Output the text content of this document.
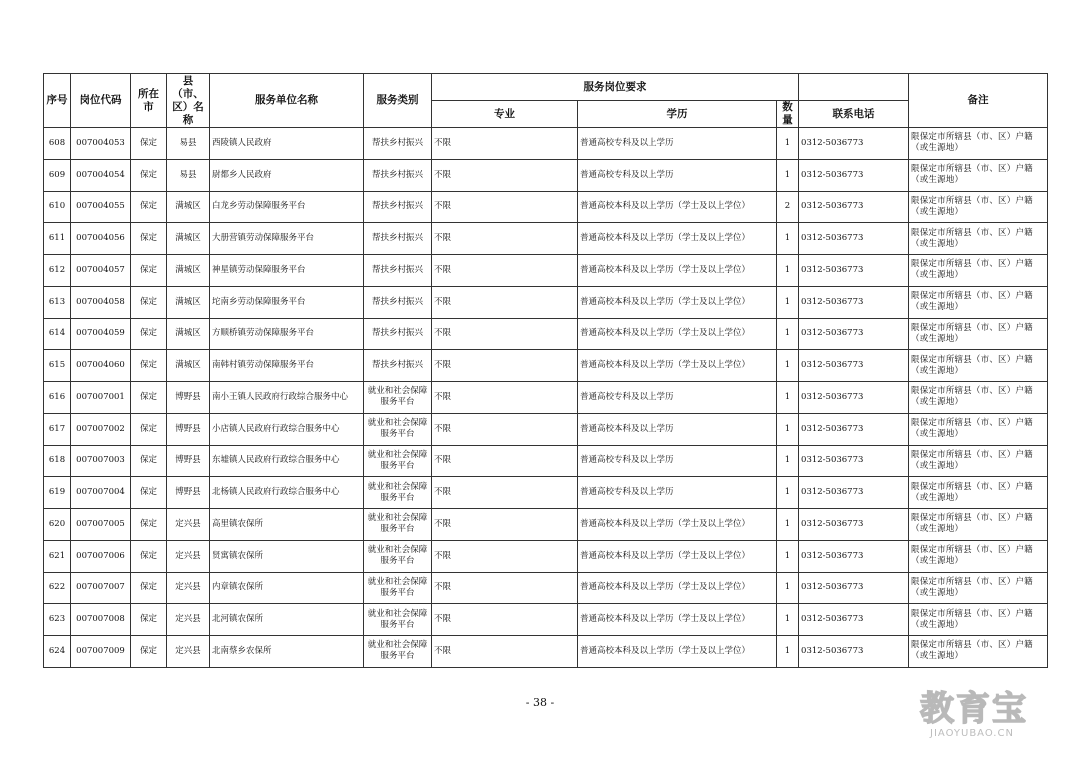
序号	岗位代码	所在市	县（市、区）名称	服务单位名称	服务类别	服务岗位要求				备注
						专业	学历	数量	联系电话	
608	007004053	保定	易县	西陵镇人民政府	帮扶乡村振兴	不限	普通高校专科及以上学历	1	0312-5036773	限保定市所辖县（市、区）户籍（或生源地）
609	007004054	保定	易县	尉都乡人民政府	帮扶乡村振兴	不限	普通高校专科及以上学历	1	0312-5036773	限保定市所辖县（市、区）户籍（或生源地）
610	007004055	保定	满城区	白龙乡劳动保障服务平台	帮扶乡村振兴	不限	普通高校本科及以上学历（学士及以上学位）	2	0312-5036773	限保定市所辖县（市、区）户籍（或生源地）
611	007004056	保定	满城区	大册营镇劳动保障服务平台	帮扶乡村振兴	不限	普通高校本科及以上学历（学士及以上学位）	1	0312-5036773	限保定市所辖县（市、区）户籍（或生源地）
612	007004057	保定	满城区	神星镇劳动保障服务平台	帮扶乡村振兴	不限	普通高校本科及以上学历（学士及以上学位）	1	0312-5036773	限保定市所辖县（市、区）户籍（或生源地）
613	007004058	保定	满城区	坨南乡劳动保障服务平台	帮扶乡村振兴	不限	普通高校本科及以上学历（学士及以上学位）	1	0312-5036773	限保定市所辖县（市、区）户籍（或生源地）
614	007004059	保定	满城区	方顺桥镇劳动保障服务平台	帮扶乡村振兴	不限	普通高校本科及以上学历（学士及以上学位）	1	0312-5036773	限保定市所辖县（市、区）户籍（或生源地）
615	007004060	保定	满城区	南韩村镇劳动保障服务平台	帮扶乡村振兴	不限	普通高校本科及以上学历（学士及以上学位）	1	0312-5036773	限保定市所辖县（市、区）户籍（或生源地）
616	007007001	保定	博野县	南小王镇人民政府行政综合服务中心	就业和社会保障服务平台	不限	普通高校专科及以上学历	1	0312-5036773	限保定市所辖县（市、区）户籍（或生源地）
617	007007002	保定	博野县	小店镇人民政府行政综合服务中心	就业和社会保障服务平台	不限	普通高校本科及以上学历	1	0312-5036773	限保定市所辖县（市、区）户籍（或生源地）
618	007007003	保定	博野县	东墟镇人民政府行政综合服务中心	就业和社会保障服务平台	不限	普通高校专科及以上学历	1	0312-5036773	限保定市所辖县（市、区）户籍（或生源地）
619	007007004	保定	博野县	北杨镇人民政府行政综合服务中心	就业和社会保障服务平台	不限	普通高校专科及以上学历	1	0312-5036773	限保定市所辖县（市、区）户籍（或生源地）
620	007007005	保定	定兴县	高里镇农保所	就业和社会保障服务平台	不限	普通高校本科及以上学历（学士及以上学位）	1	0312-5036773	限保定市所辖县（市、区）户籍（或生源地）
621	007007006	保定	定兴县	贤寓镇农保所	就业和社会保障服务平台	不限	普通高校本科及以上学历（学士及以上学位）	1	0312-5036773	限保定市所辖县（市、区）户籍（或生源地）
622	007007007	保定	定兴县	内章镇农保所	就业和社会保障服务平台	不限	普通高校本科及以上学历（学士及以上学位）	1	0312-5036773	限保定市所辖县（市、区）户籍（或生源地）
623	007007008	保定	定兴县	北河镇农保所	就业和社会保障服务平台	不限	普通高校本科及以上学历（学士及以上学位）	1	0312-5036773	限保定市所辖县（市、区）户籍（或生源地）
624	007007009	保定	定兴县	北南蔡乡农保所	就业和社会保障服务平台	不限	普通高校本科及以上学历（学士及以上学位）	1	0312-5036773	限保定市所辖县（市、区）户籍（或生源地）
- 38 -	教育宝
JIAOYUBAO.CN
